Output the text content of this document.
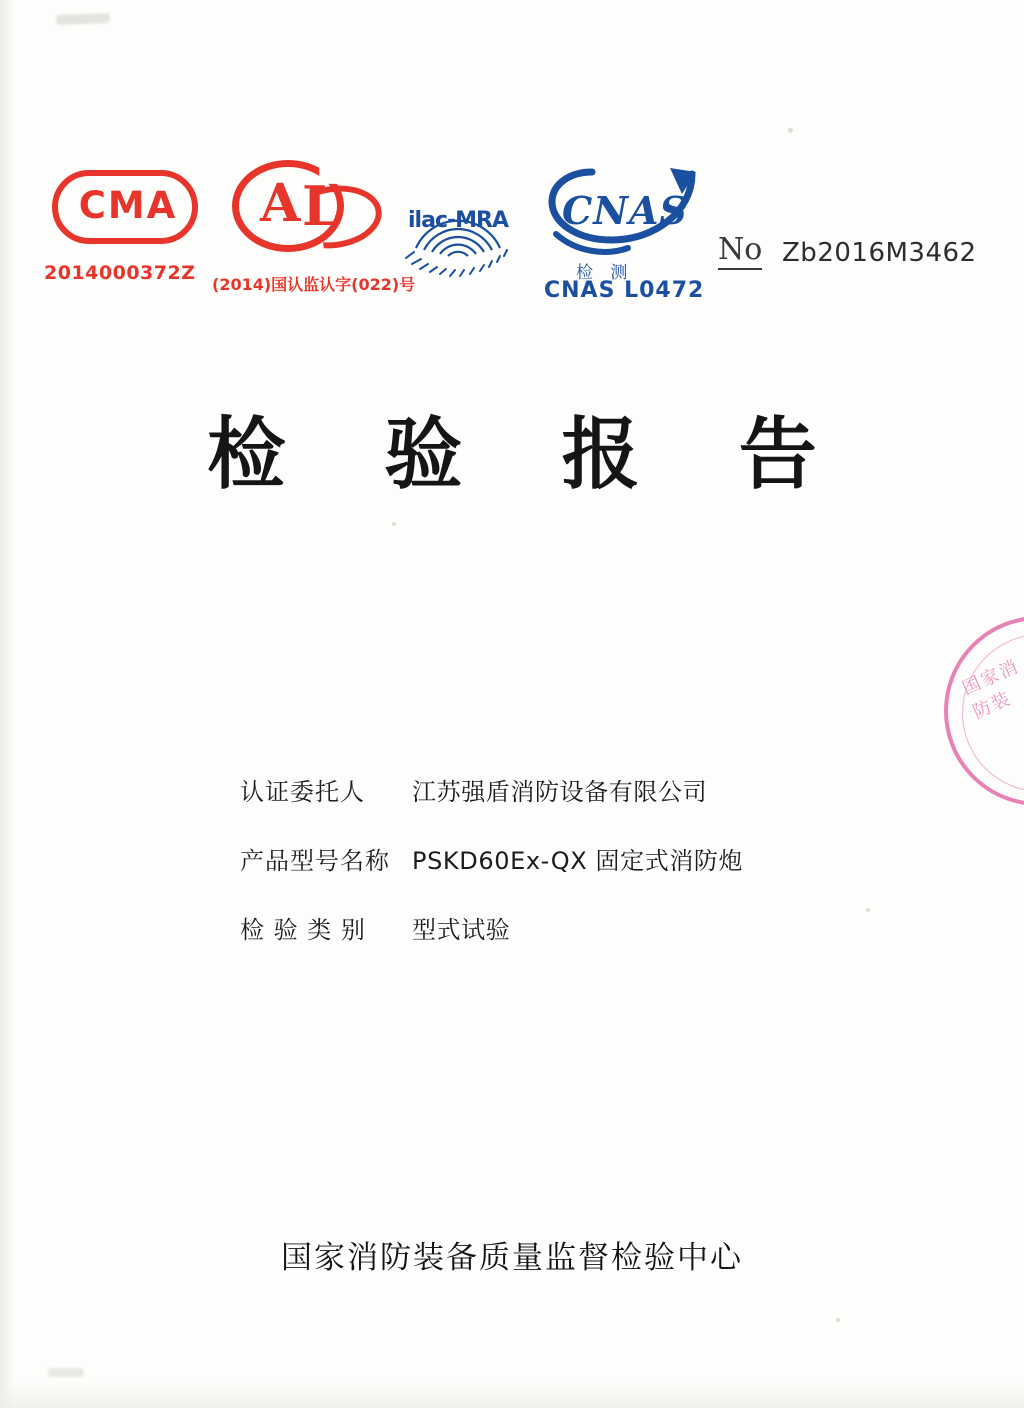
CMA
2014000372Z
A L
(2014)国认监认字(022)号
ilac-MRA	CNAS
检 测
CNAS L0472
No Zb2016M3462
检 验 报 告
认证委托人	江苏强盾消防设备有限公司
产品型号名称 PSKD60Ex-QX 固定式消防炮
检 验 类 别	型式试验
国家消防装备质量监督检验中心
国家消防装
